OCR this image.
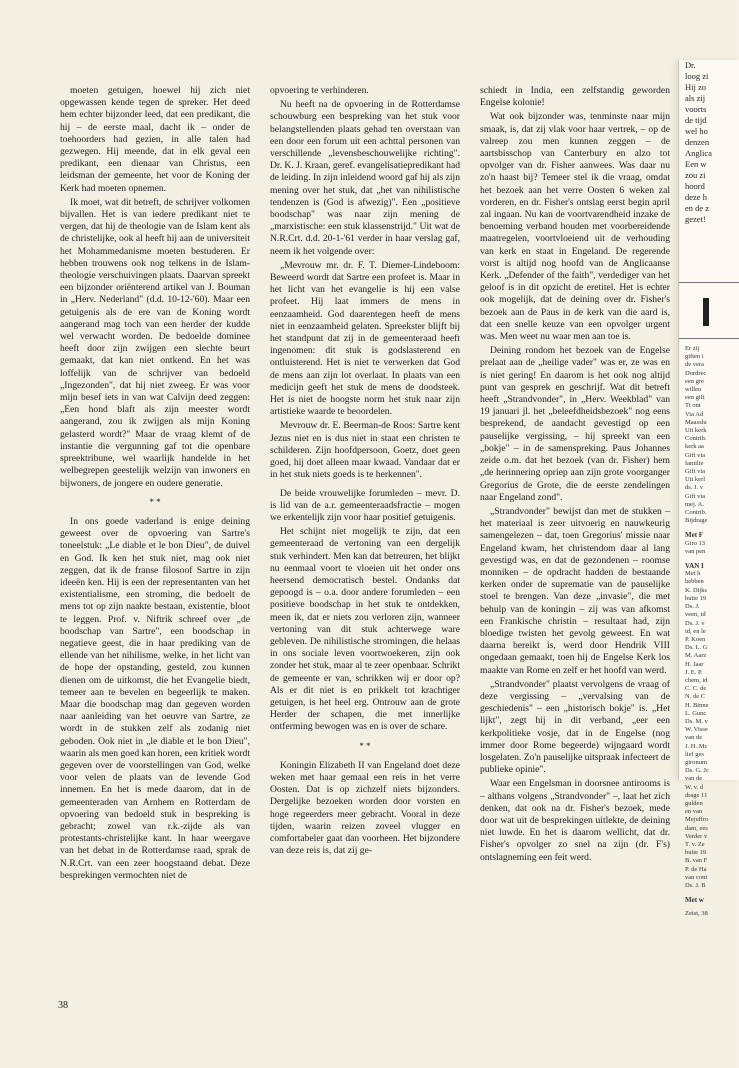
moeten getuigen, hoewel hij zich niet opgewassen kende tegen de spreker. Het deed hem echter bijzonder leed, dat een predikant, die hij – de eerste maal, dacht ik – onder de toehoorders had gezien, in alle talen had gezwegen. Hij meende, dat in elk geval een predikant, een dienaar van Christus, een leidsman der gemeente, het voor de Koning der Kerk had moeten opnemen.

Ik moet, wat dit betreft, de schrijver volkomen bijvallen. Het is van iedere predikant niet te vergen, dat hij de theologie van de Islam kent als de christelijke, ook al heeft hij aan de universiteit het Mohammedanisme moeten bestuderen. Er hebben trouwens ook nog telkens in de Islam-theologie verschuivingen plaats. Daarvan spreekt een bijzonder oriënterend artikel van J. Bouman in „Herv. Nederland" (d.d. 10-12-'60). Maar een getuigenis als de ere van de Koning wordt aangerand mag toch van een herder der kudde wel verwacht worden. De bedoelde dominee heeft door zijn zwijgen een slechte beurt gemaakt, dat kan niet ontkend. En het was loffelijk van de schrijver van bedoeld „Ingezonden", dat hij niet zweeg. Er was voor mijn besef iets in van wat Calvijn deed zeggen: „Een hond blaft als zijn meester wordt aangerand, zou ik zwijgen als mijn Koning gelasterd wordt?" Maar de vraag klemt of de instantie die vergunning gaf tot die openbare spreektribune, wel waarlijk handelde in het welbegrepen geestelijk welzijn van inwoners en bijwoners, de jongere en oudere generatie.

* *

In ons goede vaderland is enige deining geweest over de opvoering van Sartre's toneelstuk: „Le diable et le bon Dieu", de duivel en God. Ik ken het stuk niet, mag ook niet zeggen, dat ik de franse filosoof Sartre in zijn ideeën ken. Hij is een der representanten van het existentialisme, een stroming, die bedoelt de mens tot op zijn naakte bestaan, existentie, bloot te leggen. Prof. v. Niftrik schreef over „de boodschap van Sartre", een boodschap in negatieve geest, die in haar prediking van de ellende van het nihilisme, welke, in het licht van de hope der opstanding, gesteld, zou kunnen dienen om de uitkomst, die het Evangelie biedt, temeer aan te bevelen en begeerlijk te maken. Maar die boodschap mag dan gegeven worden naar aanleiding van het oeuvre van Sartre, ze wordt in de stukken zelf als zodanig niet geboden. Ook niet in „le diable et le bon Dieu", waarin als men goed kan horen, een kritiek wordt gegeven over de voorstellingen van God, welke voor velen de plaats van de levende God innemen. En het is mede daarom, dat in de gemeenteraden van Arnhem en Rotterdam de opvoering van bedoeld stuk in bespreking is gebracht; zowel van r.k.-zijde als van protestants-christelijke kant. In haar weergave van het debat in de Rotterdamse raad, sprak de N.R.Crt. van een zeer hoogstaand debat. Deze besprekingen vermochten niet de

opvoering te verhinderen.

Nu heeft na de opvoering in de Rotterdamse schouwburg een bespreking van het stuk voor belangstellenden plaats gehad ten overstaan van een door een forum uit een achttal personen van verschillende „levensbeschouwelijke richting". Dr. K. J. Kraan, geref. evangelisatiepredikant had de leiding. In zijn inleidend woord gaf hij als zijn mening over het stuk, dat „het van nihilistische tendenzen is (God is afwezig)". Een „positieve boodschap" was naar zijn mening de „marxistische: een stuk klassenstrijd." Uit wat de N.R.Crt. d.d. 20-1-'61 verder in haar verslag gaf, neem ik het volgende over:

„Mevrouw mr. dr. F. T. Diemer-Lindeboom: Beweerd wordt dat Sartre een profeet is. Maar in het licht van het evangelie is hij een valse profeet. Hij laat immers de mens in eenzaamheid. God daarentegen heeft de mens niet in eenzaamheid gelaten. Spreekster blijft bij het standpunt dat zij in de gemeenteraad heeft ingenomen: dit stuk is godslasterend en ontluisterend. Het is niet te verwerken dat God de mens aan zijn lot overlaat. In plaats van een medicijn geeft het stuk de mens de doodsteek. Het is niet de hoogste norm het stuk naar zijn artistieke waarde te beoordelen.

Mevrouw dr. E. Beerman-de Roos: Sartre kent Jezus niet en is dus niet in staat een christen te schilderen. Zijn hoofdpersoon, Goetz, doet geen goed, hij doet alleen maar kwaad. Vandaar dat er in het stuk niets goeds is te herkennen".

De beide vrouwelijke forumleden – mevr. D. is lid van de a.r. gemeenteraadsfractie – mogen we erkentelijk zijn voor haar positief getuigenis.

Het schijnt niet mogelijk te zijn, dat een gemeenteraad de vertoning van een dergelijk stuk verhindert. Men kan dat betreuren, het blijkt nu eenmaal voort te vloeien uit het onder ons heersend democratisch bestel. Ondanks dat gepoogd is – o.a. door andere forumleden – een positieve boodschap in het stuk te ontdekken, meen ik, dat er niets zou verloren zijn, wanneer vertoning van dit stuk achterwege ware gebleven. De nihilistische stromingen, die helaas in ons sociale leven voortwoekeren, zijn ook zonder het stuk, maar al te zeer openbaar. Schrikt de gemeente er van, schrikken wij er door op? Als er dit niet is en prikkelt tot krachtiger getuigen, is het heel erg. Ontrouw aan de grote Herder der schapen, die met innerlijke ontferming bewogen was en is over de schare.

* *

Koningin Elizabeth II van Engeland doet deze weken met haar gemaal een reis in het verre Oosten. Dat is op zichzelf niets bijzonders. Dergelijke bezoeken worden door vorsten en hoge regeerders meer gebracht. Vooral in deze tijden, waarin reizen zoveel vlugger en comfortabeler gaat dan voorheen. Het bijzondere van deze reis is, dat zij ge-

schiedt in India, een zelfstandig geworden Engelse kolonie!

Wat ook bijzonder was, tenminste naar mijn smaak, is, dat zij vlak voor haar vertrek, – op de valreep zou men kunnen zeggen – de aartsbisschop van Canterbury en alzo tot opvolger van dr. Fisher aanwees. Was daar nu zo'n haast bij? Temeer stel ik die vraag, omdat het bezoek aan het verre Oosten 6 weken zal vorderen, en dr. Fisher's ontslag eerst begin april zal ingaan. Nu kan de voortvarendheid inzake de benoeming verband houden met voorbereidende maatregelen, voortvloeiend uit de verhouding van kerk en staat in Engeland. De regerende vorst is altijd nog hoofd van de Anglicaanse Kerk. „Defender of the faith", verdediger van het geloof is in dit opzicht de eretitel. Het is echter ook mogelijk, dat de deining over dr. Fisher's bezoek aan de Paus in de kerk van die aard is, dat een snelle keuze van een opvolger urgent was. Men weet nu waar men aan toe is.

Deining rondom het bezoek van de Engelse prelaat aan de „heilige vader" was er, ze was en is niet gering! En daarom is het ook nog altijd punt van gesprek en geschrijf. Wat dit betreft heeft „Strandvonder", in „Herv. Weekblad" van 19 januari jl. het „beleefdheidsbezoek" nog eens besprekend, de aandacht gevestigd op een pauselijke vergissing, – hij spreekt van een „bokje" – in de samenspreking. Paus Johannes zeide o.m. dat het bezoek (van dr. Fisher) hem „de herinnering opriep aan zijn grote voorganger Gregorius de Grote, die de eerste zendelingen naar Engeland zond".

„Strandvonder" bewijst dan met de stukken – het materiaal is zeer uitvoerig en nauwkeurig samengelezen – dat, toen Gregorius' missie naar Engeland kwam, het christendom daar al lang gevestigd was, en dat de gezondenen – roomse monniken – de opdracht hadden de bestaande kerken onder de suprematie van de pauselijke stoel te brengen. Van deze „invasie", die met behulp van de koningin – zij was van afkomst een Frankische christin – resultaat had, zijn bloedige twisten het gevolg geweest. En wat daarna bereikt is, werd door Hendrik VIII ongedaan gemaakt, toen hij de Engelse Kerk los maakte van Rome en zelf er het hoofd van werd.

„Strandvonder" plaatst vervolgens de vraag of deze vergissing – „vervalsing van de geschiedenis" – een „historisch bokje" is. „Het lijkt", zegt hij in dit verband, „eer een kerkpolitieke vosje, dat in de Engelse (nog immer door Rome begeerde) wijngaard wordt losgelaten. Zo'n pauselijke uitspraak infecteert de publieke opinie".

Waar een Engelsman in doorsnee antirooms is – althans volgens „Strandvonder" –, laat het zich denken, dat ook na dr. Fisher's bezoek, mede door wat uit de besprekingen uitlekte, de deining niet luwde. En het is daarom wellicht, dat dr. Fisher's opvolger zo snel na zijn (dr. F's) ontslagneming een feit werd.

38
Dr.
loog zi
Hij zo
als zij
voorts
de tijd
wel ho
denzen
Anglica
Een w
zou zi
hoord
deze h
en de z
gezet!
Er zij
giften i
de vera
Dordrec
een gre
willen
een gift
Tt ont
Via Ad
Maasslu
Uit kerk
Contrib.
kerk aa
Gift via
familie
Gift via
Uit kerl
ds. J. v
Gift via
mej. A.
Contrib.
Bijdrage
Met F
Giro 13
van pen
VAN I
Met h
hebben
K. Dijks
butie 19
Ds. J.
veen, id
Ds. J. v
id, en le
P. Koen
Ds. L. G
M. Aarz
H. Jaar
J. E. P.
chem, id
C. C. de
N. de C
H. Binne
L. Gunc
Ds. M. v
W. Visse
van de
J. H. Mc
lief ges
gironum
Ds. G. Jc
van de
W. v. d
drage 11
gulden
en van
Mejuffro
dam, ees
Verder v
T. v. Ze
butie 19
B. van F
P. de Ha
van cont
Ds. J. B
Met w
Zeist, 38
